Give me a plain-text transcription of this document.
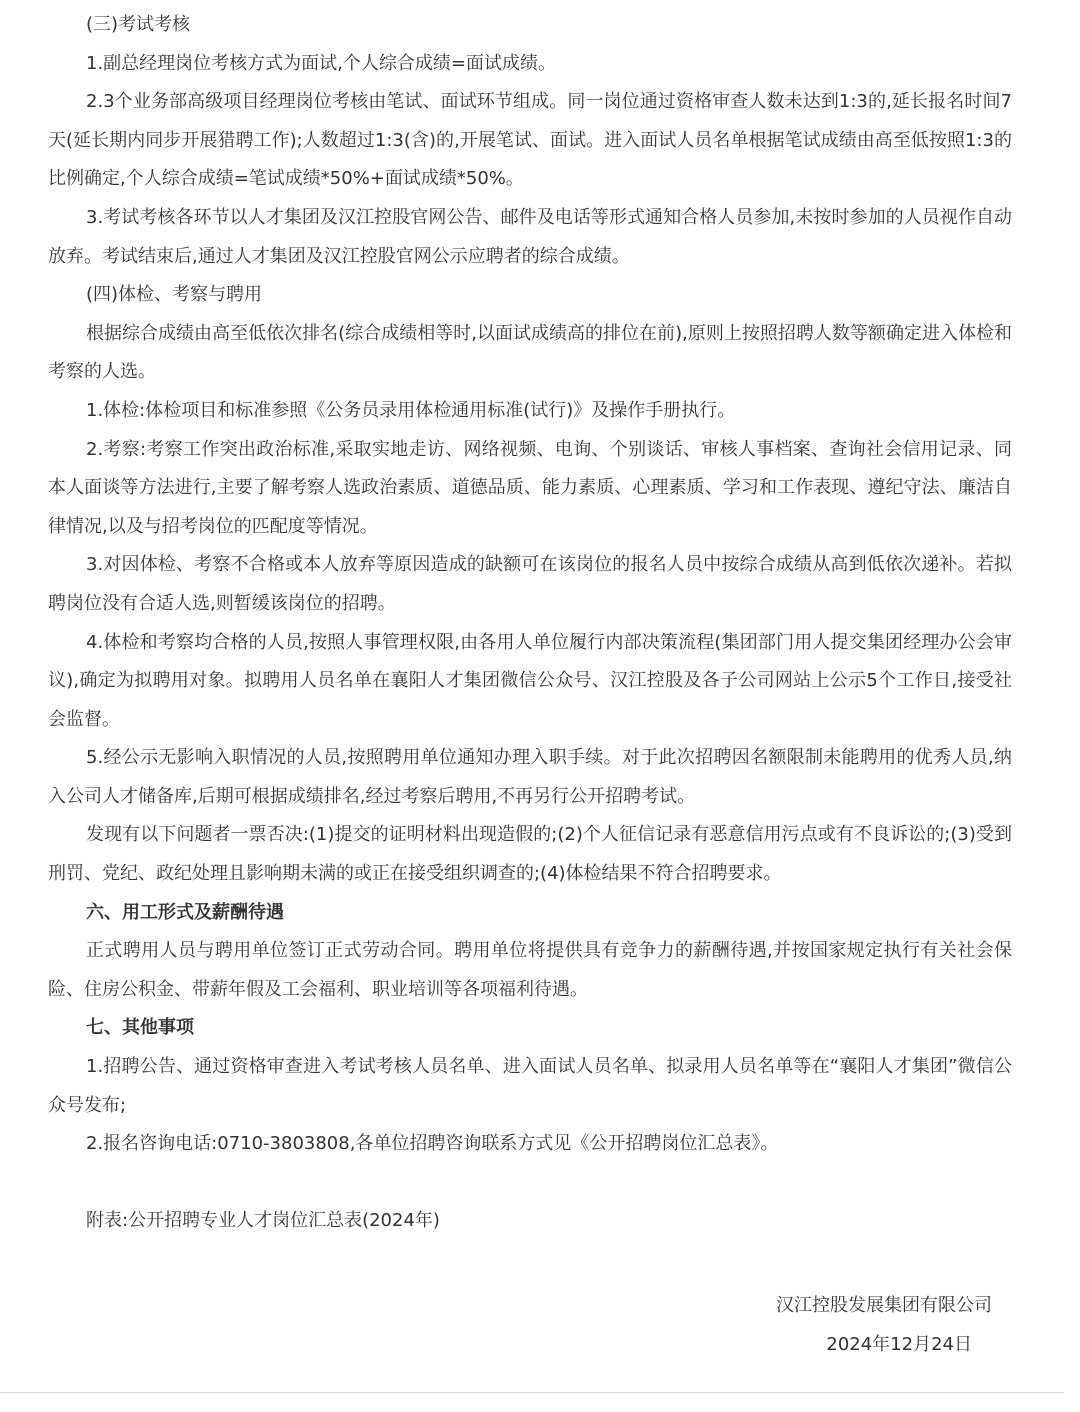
(三)考试考核

1.副总经理岗位考核方式为面试,个人综合成绩=面试成绩。

2.3个业务部高级项目经理岗位考核由笔试、面试环节组成。同一岗位通过资格审查人数未达到1:3的,延长报名时间7天(延长期内同步开展猎聘工作);人数超过1:3(含)的,开展笔试、面试。进入面试人员名单根据笔试成绩由高至低按照1:3的比例确定,个人综合成绩=笔试成绩*50%+面试成绩*50%。

3.考试考核各环节以人才集团及汉江控股官网公告、邮件及电话等形式通知合格人员参加,未按时参加的人员视作自动放弃。考试结束后,通过人才集团及汉江控股官网公示应聘者的综合成绩。

(四)体检、考察与聘用

根据综合成绩由高至低依次排名(综合成绩相等时,以面试成绩高的排位在前),原则上按照招聘人数等额确定进入体检和考察的人选。

1.体检:体检项目和标准参照《公务员录用体检通用标准(试行)》及操作手册执行。

2.考察:考察工作突出政治标准,采取实地走访、网络视频、电询、个别谈话、审核人事档案、查询社会信用记录、同本人面谈等方法进行,主要了解考察人选政治素质、道德品质、能力素质、心理素质、学习和工作表现、遵纪守法、廉洁自律情况,以及与招考岗位的匹配度等情况。

3.对因体检、考察不合格或本人放弃等原因造成的缺额可在该岗位的报名人员中按综合成绩从高到低依次递补。若拟聘岗位没有合适人选,则暂缓该岗位的招聘。

4.体检和考察均合格的人员,按照人事管理权限,由各用人单位履行内部决策流程(集团部门用人提交集团经理办公会审议),确定为拟聘用对象。拟聘用人员名单在襄阳人才集团微信公众号、汉江控股及各子公司网站上公示5个工作日,接受社会监督。

5.经公示无影响入职情况的人员,按照聘用单位通知办理入职手续。对于此次招聘因名额限制未能聘用的优秀人员,纳入公司人才储备库,后期可根据成绩排名,经过考察后聘用,不再另行公开招聘考试。

发现有以下问题者一票否决:(1)提交的证明材料出现造假的;(2)个人征信记录有恶意信用污点或有不良诉讼的;(3)受到刑罚、党纪、政纪处理且影响期未满的或正在接受组织调查的;(4)体检结果不符合招聘要求。

六、用工形式及薪酬待遇

正式聘用人员与聘用单位签订正式劳动合同。聘用单位将提供具有竞争力的薪酬待遇,并按国家规定执行有关社会保险、住房公积金、带薪年假及工会福利、职业培训等各项福利待遇。

七、其他事项

1.招聘公告、通过资格审查进入考试考核人员名单、进入面试人员名单、拟录用人员名单等在“襄阳人才集团”微信公众号发布;

2.报名咨询电话:0710-3803808,各单位招聘咨询联系方式见《公开招聘岗位汇总表》。

附表:公开招聘专业人才岗位汇总表(2024年)

汉江控股发展集团有限公司

2024年12月24日
